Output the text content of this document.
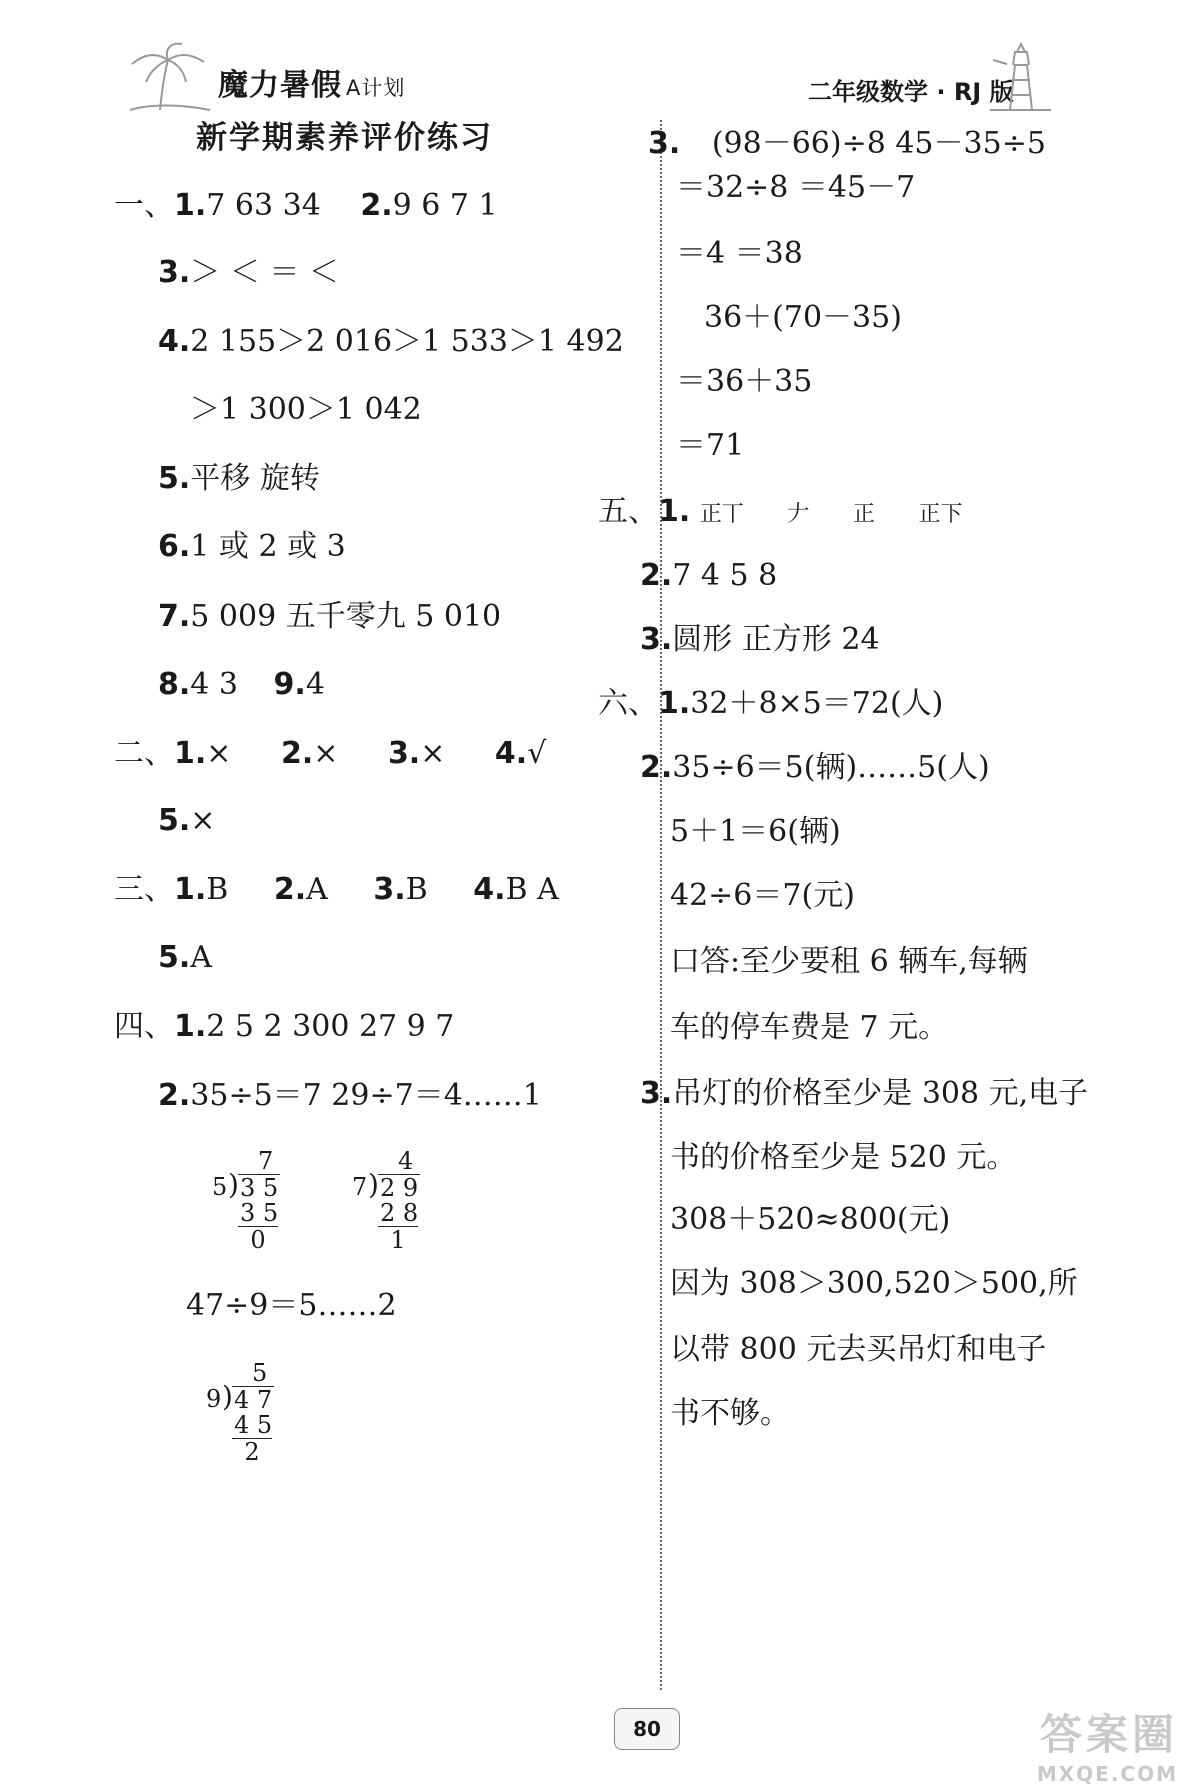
魔力暑假 A计划	二年级数学 · RJ 版
新学期素养评价练习
一、1.7 63 34 2.9 6 7 1
3.＞ ＜ ＝ ＜
4.2 155＞2 016＞1 533＞1 492
＞1 300＞1 042
5.平移 旋转
6.1 或 2 或 3
7.5 009 五千零九 5 010
8.4 3 9.4
二、1.× 2.× 3.× 4.√
5.×
三、1.B 2.A 3.B 4.B A
5.A
四、1.2 5 2 300 27 9 7
2.35÷5＝7 29÷7＝4……1
7
5 ) 3 5
3 5
0
4
7 ) 2 9
2 8
1
47÷9＝5……2
5
9 ) 4 7
4 5
2
3. (98－66)÷8 45－35÷5
＝32÷8 ＝45－7
＝4 ＝38
36＋(70－35)
＝36＋35
＝71
五、1. 正丅 𠂇 正 正下
2.7 4 5 8
3.圆形 正方形 24
六、1.32＋8×5＝72(人)
2.35÷6＝5(辆)……5(人)
5＋1＝6(辆)
42÷6＝7(元)
口答:至少要租 6 辆车,每辆
车的停车费是 7 元。
3.吊灯的价格至少是 308 元,电子
书的价格至少是 520 元。
308＋520≈800(元)
因为 308＞300,520＞500,所
以带 800 元去买吊灯和电子
书不够。
80	答案圈
MXQE.COM
